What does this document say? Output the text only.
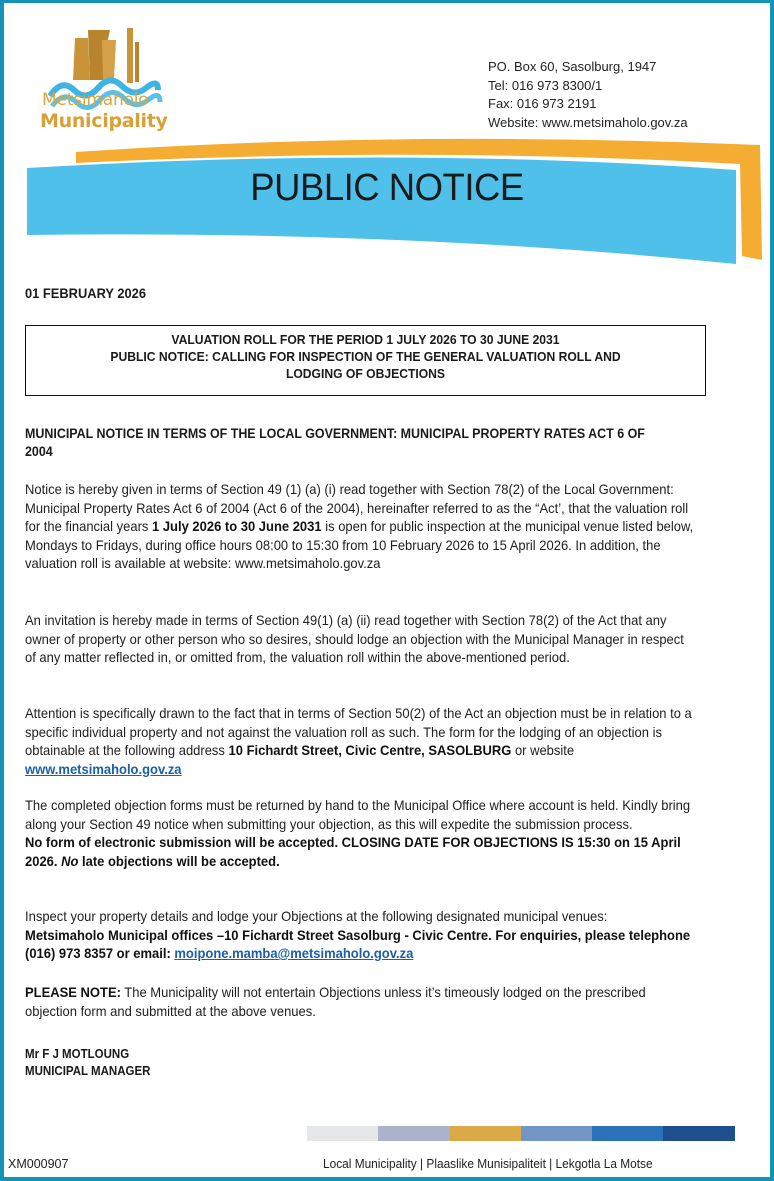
Metsimaholo
Municipality
PO. Box 60, Sasolburg, 1947
Tel: 016 973 8300/1
Fax: 016 973 2191
Website: www.metsimaholo.gov.za
PUBLIC NOTICE
01 FEBRUARY 2026
VALUATION ROLL FOR THE PERIOD 1 JULY 2026 TO 30 JUNE 2031
PUBLIC NOTICE: CALLING FOR INSPECTION OF THE GENERAL VALUATION ROLL AND
LODGING OF OBJECTIONS
MUNICIPAL NOTICE IN TERMS OF THE LOCAL GOVERNMENT: MUNICIPAL PROPERTY RATES ACT 6 OF 2004
Notice is hereby given in terms of Section 49 (1) (a) (i) read together with Section 78(2) of the Local Government: Municipal Property Rates Act 6 of 2004 (Act 6 of the 2004), hereinafter referred to as the “Act’, that the valuation roll for the financial years 1 July 2026 to 30 June 2031 is open for public inspection at the municipal venue listed below, Mondays to Fridays, during office hours 08:00 to 15:30 from 10 February 2026 to 15 April 2026. In addition, the valuation roll is available at website: www.metsimaholo.gov.za
An invitation is hereby made in terms of Section 49(1) (a) (ii) read together with Section 78(2) of the Act that any owner of property or other person who so desires, should lodge an objection with the Municipal Manager in respect of any matter reflected in, or omitted from, the valuation roll within the above-mentioned period.
Attention is specifically drawn to the fact that in terms of Section 50(2) of the Act an objection must be in relation to a specific individual property and not against the valuation roll as such. The form for the lodging of an objection is obtainable at the following address 10 Fichardt Street, Civic Centre, SASOLBURG or website www.metsimaholo.gov.za
The completed objection forms must be returned by hand to the Municipal Office where account is held. Kindly bring along your Section 49 notice when submitting your objection, as this will expedite the submission process.
No form of electronic submission will be accepted. CLOSING DATE FOR OBJECTIONS IS 15:30 on 15 April 2026. No late objections will be accepted.
Inspect your property details and lodge your Objections at the following designated municipal venues:
Metsimaholo Municipal offices –10 Fichardt Street Sasolburg - Civic Centre. For enquiries, please telephone (016) 973 8357 or email: moipone.mamba@metsimaholo.gov.za
PLEASE NOTE: The Municipality will not entertain Objections unless it’s timeously lodged on the prescribed objection form and submitted at the above venues.
Mr F J MOTLOUNG
MUNICIPAL MANAGER
XM000907	Local Municipality | Plaaslike Munisipaliteit | Lekgotla La Motse
